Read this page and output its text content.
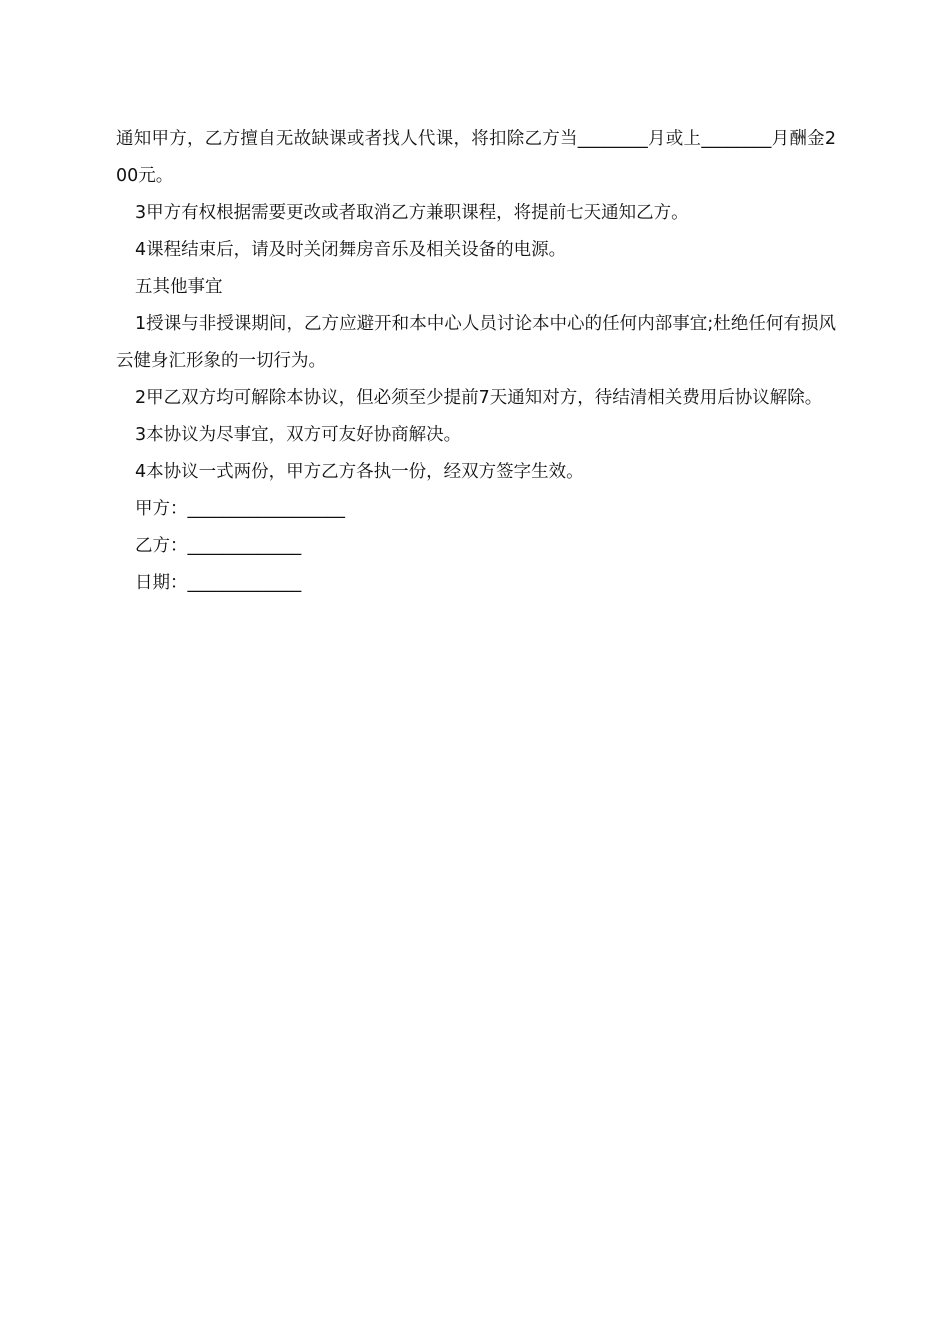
通知甲方，乙方擅自无故缺课或者找人代课，将扣除乙方当________月或上________月酬金200元。

3甲方有权根据需要更改或者取消乙方兼职课程，将提前七天通知乙方。

4课程结束后，请及时关闭舞房音乐及相关设备的电源。

五其他事宜

1授课与非授课期间，乙方应避开和本中心人员讨论本中心的任何内部事宜;杜绝任何有损风云健身汇形象的一切行为。

2甲乙双方均可解除本协议，但必须至少提前7天通知对方，待结清相关费用后协议解除。

3本协议为尽事宜，双方可友好协商解决。

4本协议一式两份，甲方乙方各执一份，经双方签字生效。

甲方：__________________

乙方：_____________

日期：_____________
